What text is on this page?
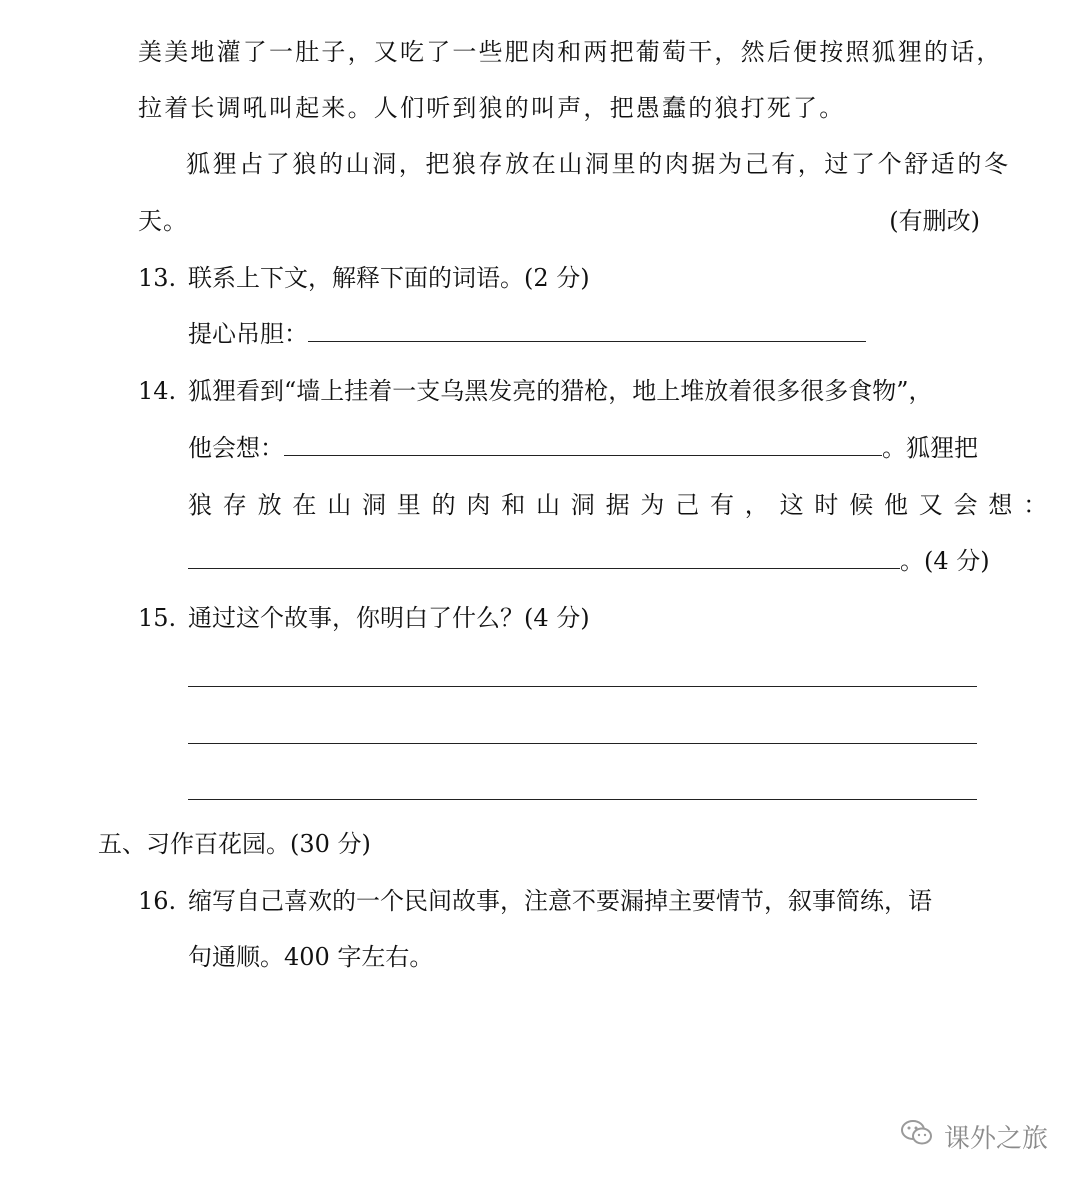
美美地灌了一肚子，又吃了一些肥肉和两把葡萄干，然后便按照狐狸的话，
拉着长调吼叫起来。人们听到狼的叫声，把愚蠢的狼打死了。
狐狸占了狼的山洞，把狼存放在山洞里的肉据为己有，过了个舒适的冬
天。	(有删改)
13. 联系上下文，解释下面的词语。(2 分)
提心吊胆：
14. 狐狸看到“墙上挂着一支乌黑发亮的猎枪，地上堆放着很多很多食物”，
他会想：	。狐狸把
狼存放在山洞里的肉和山洞据为己有，这时候他又会想：
。(4 分)
15. 通过这个故事，你明白了什么？(4 分)
五、习作百花园。(30 分)
16. 缩写自己喜欢的一个民间故事，注意不要漏掉主要情节，叙事简练，语
句通顺。400 字左右。
课外之旅
